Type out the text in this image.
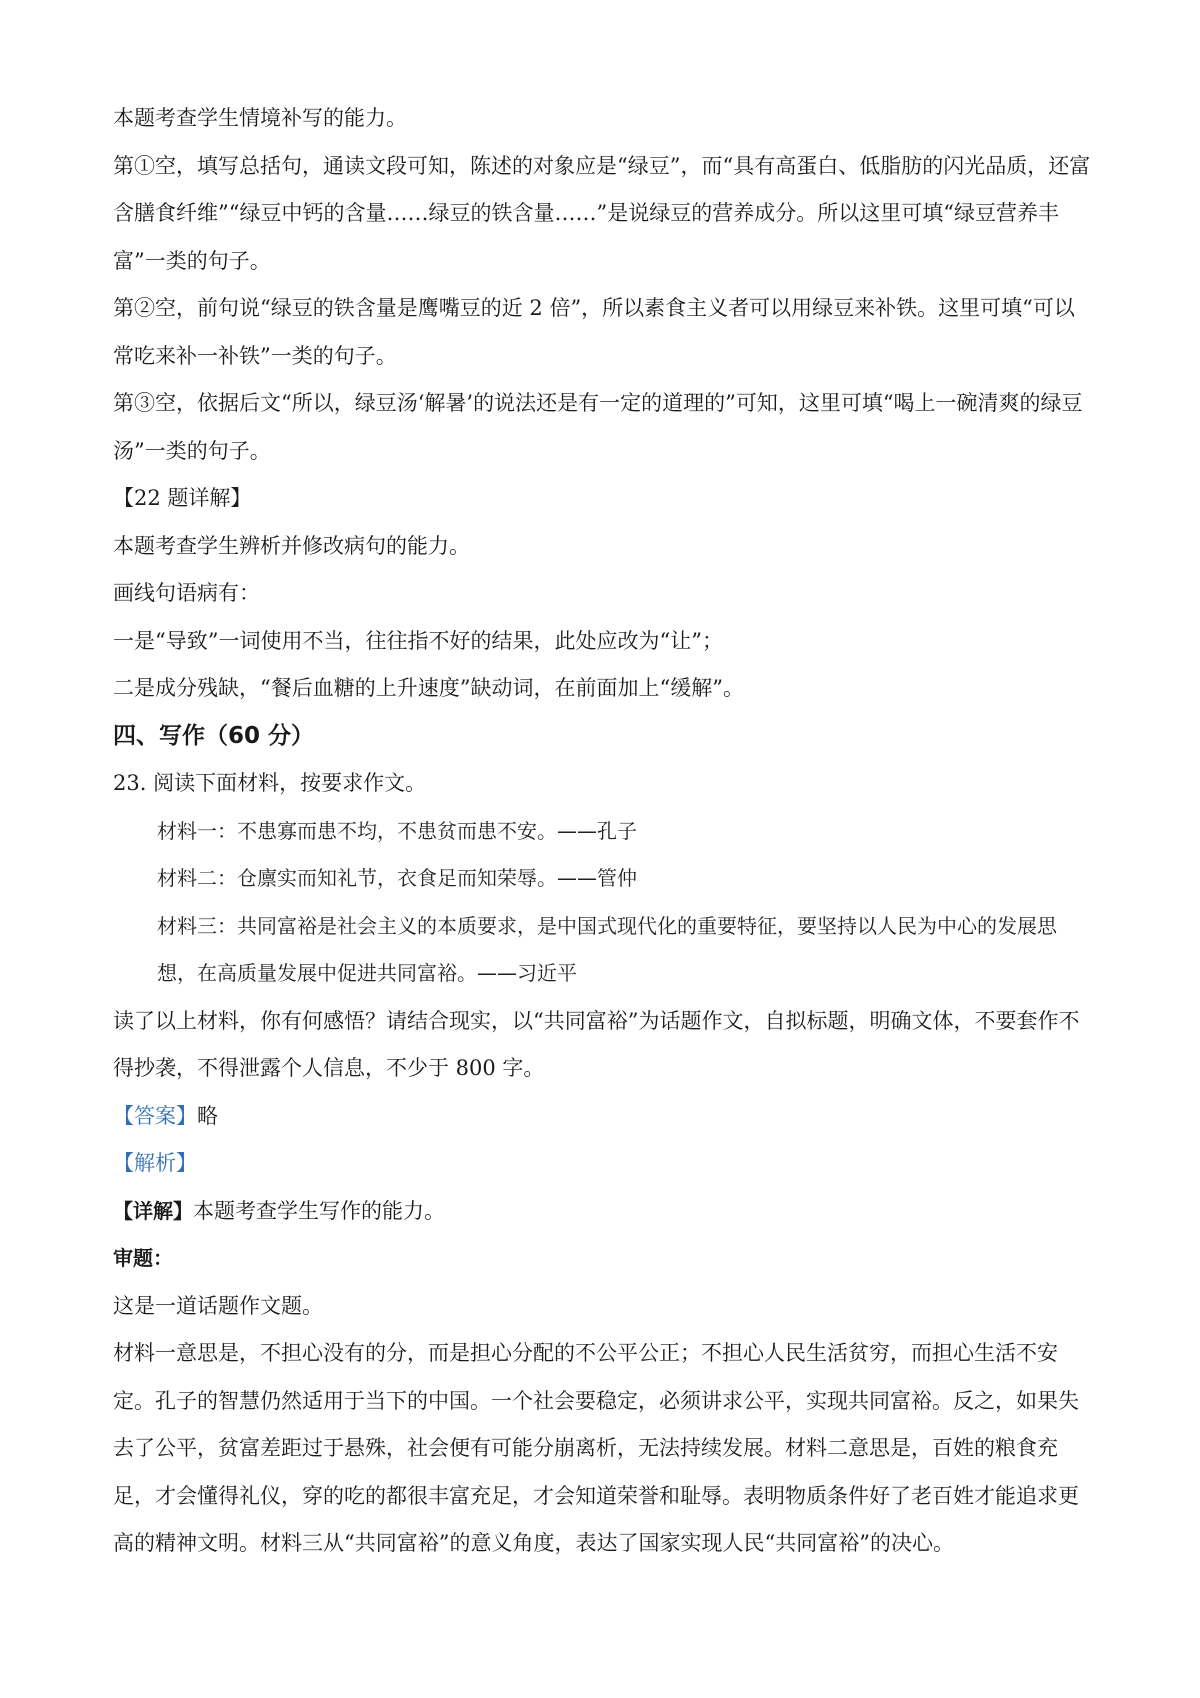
本题考查学生情境补写的能力。

第①空，填写总括句，通读文段可知，陈述的对象应是“绿豆”，而“具有高蛋白、低脂肪的闪光品质，还富含膳食纤维”“绿豆中钙的含量……绿豆的铁含量……”是说绿豆的营养成分。所以这里可填“绿豆营养丰富”一类的句子。

第②空，前句说“绿豆的铁含量是鹰嘴豆的近 2 倍”，所以素食主义者可以用绿豆来补铁。这里可填“可以常吃来补一补铁”一类的句子。

第③空，依据后文“所以，绿豆汤‘解暑’的说法还是有一定的道理的”可知，这里可填“喝上一碗清爽的绿豆汤”一类的句子。

【22 题详解】

本题考查学生辨析并修改病句的能力。

画线句语病有：

一是“导致”一词使用不当，往往指不好的结果，此处应改为“让”；

二是成分残缺，“餐后血糖的上升速度”缺动词，在前面加上“缓解”。

四、写作（60 分）

23. 阅读下面材料，按要求作文。

材料一：不患寡而患不均，不患贫而患不安。——孔子

材料二：仓廪实而知礼节，衣食足而知荣辱。——管仲

材料三：共同富裕是社会主义的本质要求，是中国式现代化的重要特征，要坚持以人民为中心的发展思想，在高质量发展中促进共同富裕。——习近平

读了以上材料，你有何感悟？请结合现实，以“共同富裕”为话题作文，自拟标题，明确文体，不要套作不得抄袭，不得泄露个人信息，不少于 800 字。

【答案】略

【解析】

【详解】本题考查学生写作的能力。

审题：

这是一道话题作文题。

材料一意思是，不担心没有的分，而是担心分配的不公平公正；不担心人民生活贫穷，而担心生活不安定。孔子的智慧仍然适用于当下的中国。一个社会要稳定，必须讲求公平，实现共同富裕。反之，如果失去了公平，贫富差距过于悬殊，社会便有可能分崩离析，无法持续发展。材料二意思是，百姓的粮食充足，才会懂得礼仪，穿的吃的都很丰富充足，才会知道荣誉和耻辱。表明物质条件好了老百姓才能追求更高的精神文明。材料三从“共同富裕”的意义角度，表达了国家实现人民“共同富裕”的决心。
